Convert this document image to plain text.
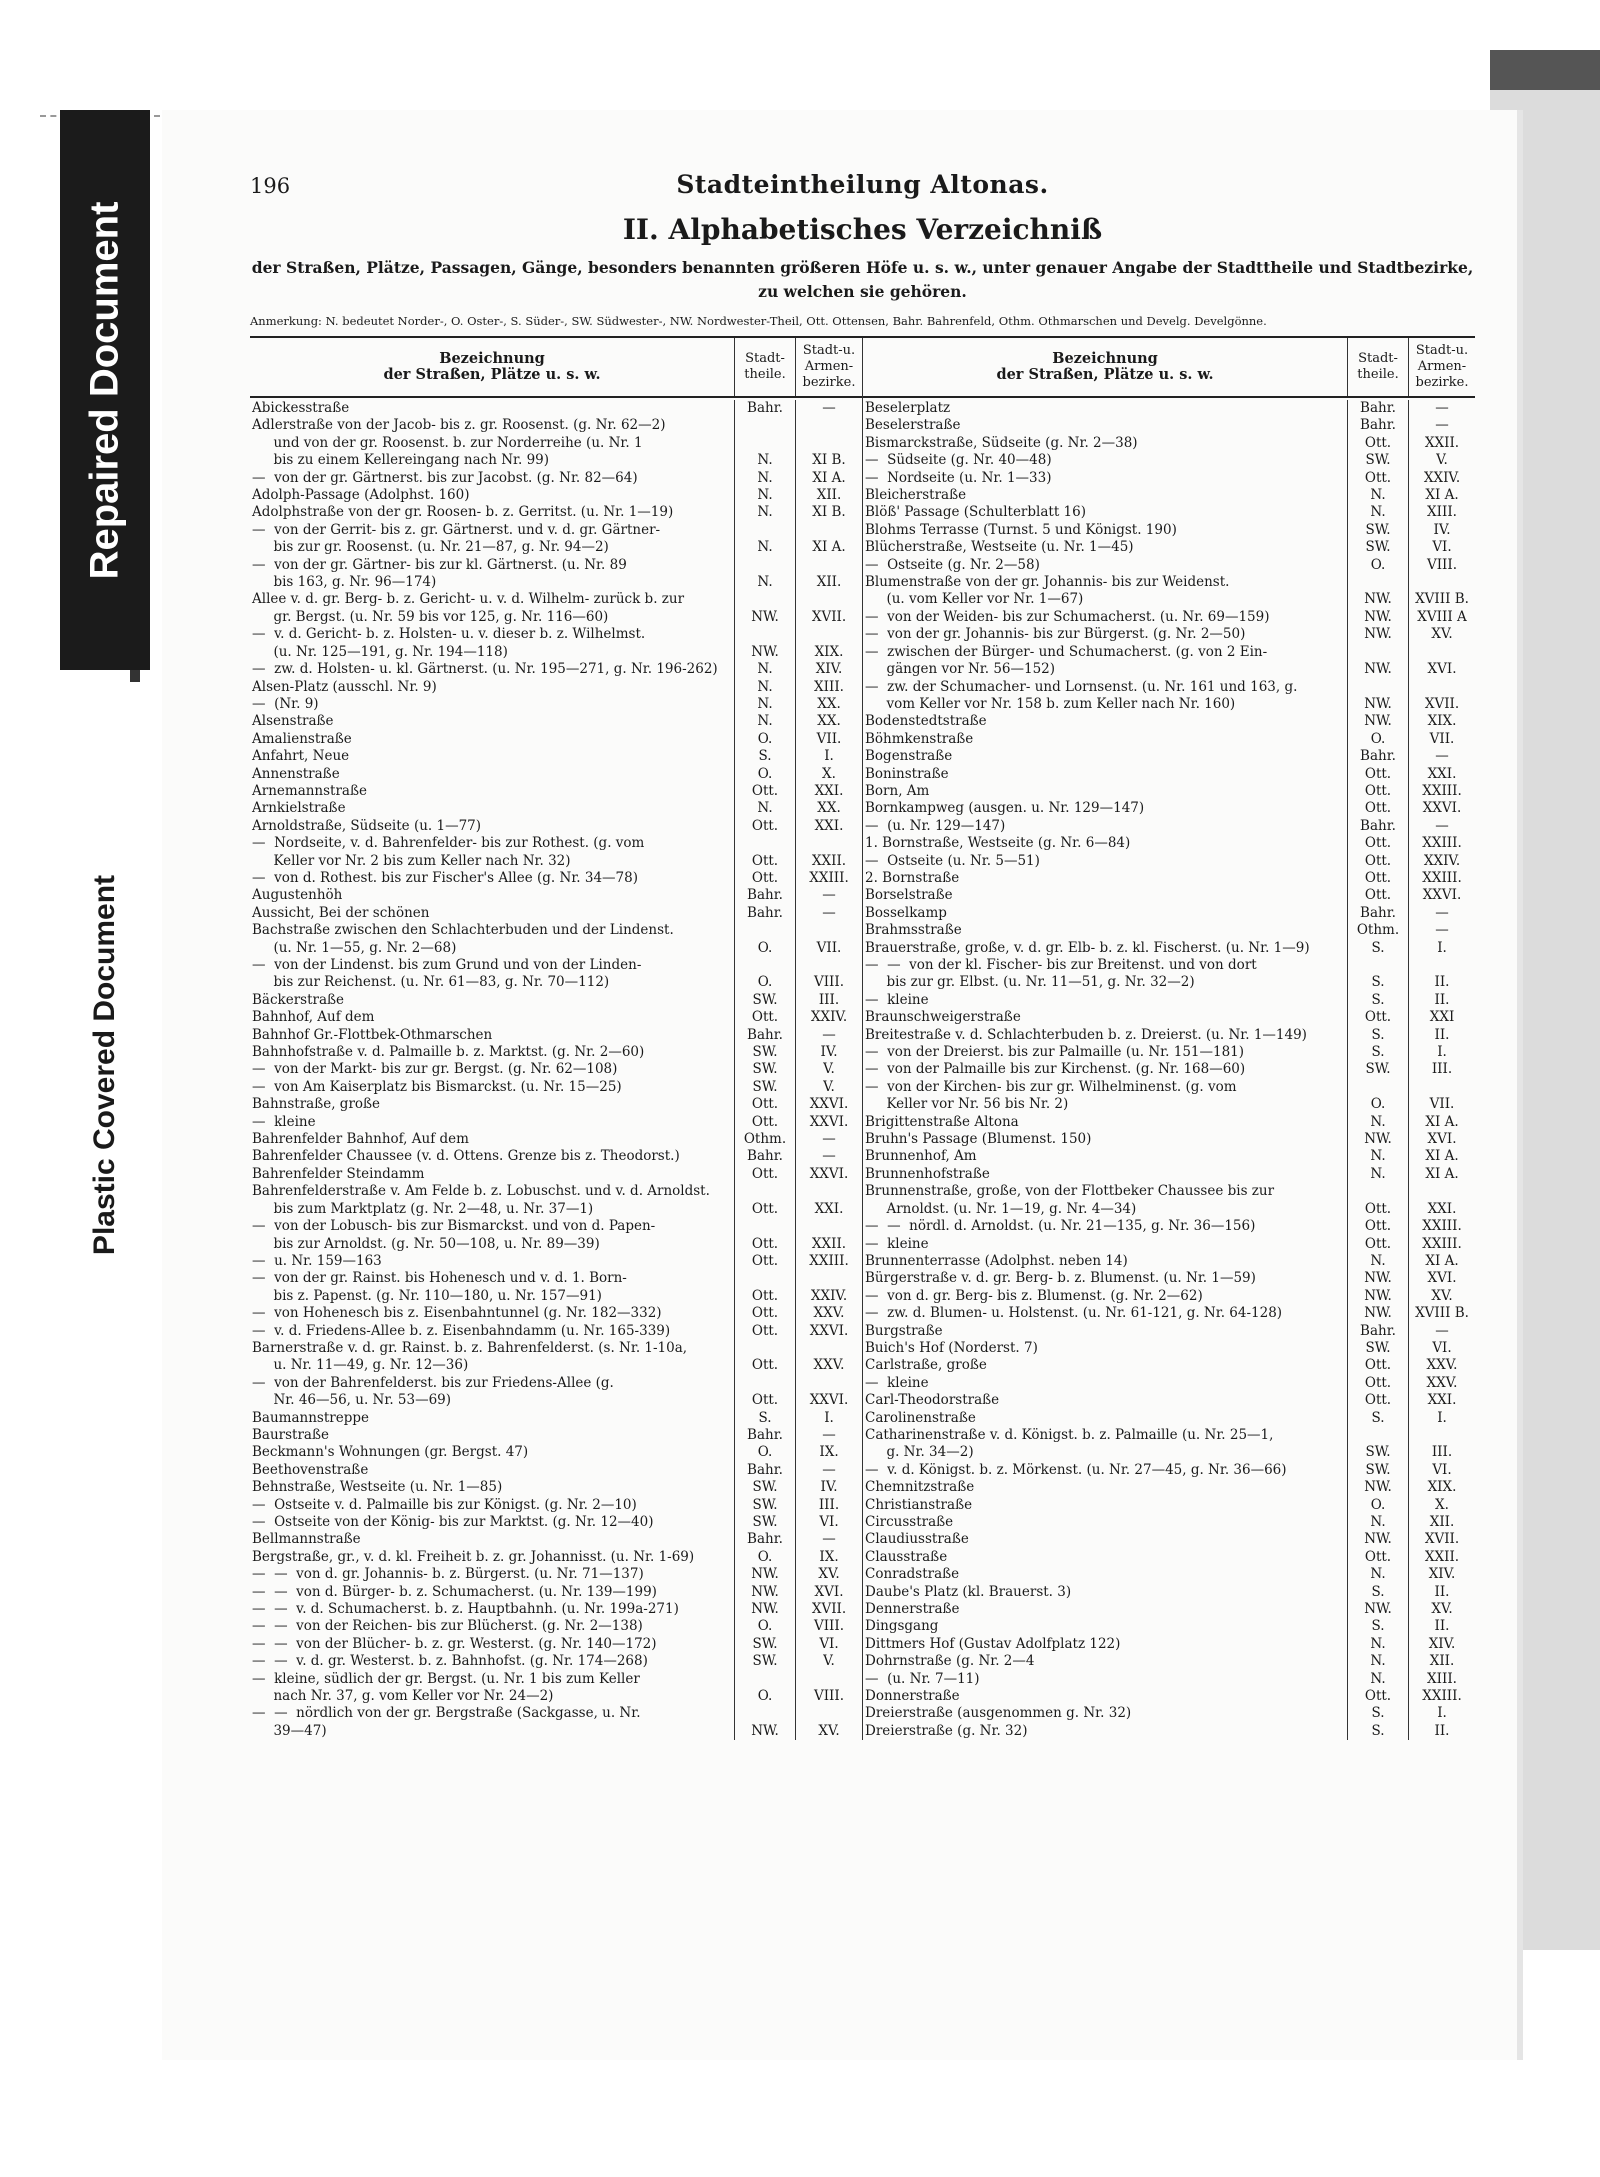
Repaired Document
Plastic Covered Document
196	Stadteintheilung Altonas.
II. Alphabetisches Verzeichniß
der Straßen, Plätze, Passagen, Gänge, besonders benannten größeren Höfe u. s. w., unter genauer Angabe der Stadttheile und Stadtbezirke,
zu welchen sie gehören.
Anmerkung: N. bedeutet Norder-, O. Oster-, S. Süder-, SW. Südwester-, NW. Nordwester-Theil, Ott. Ottensen, Bahr. Bahrenfeld, Othm. Othmarschen und Develg. Develgönne.
Bezeichnung
der Straßen, Plätze u. s. w.
Stadt-
theile.
Stadt-u.
Armen-
bezirke.
Abickesstraße	Bahr.	—
Adlerstraße von der Jacob- bis z. gr. Roosenst. (g. Nr. 62—2)
und von der gr. Roosenst. b. zur Norderreihe (u. Nr. 1
bis zu einem Kellereingang nach Nr. 99)	N.	XI B.
—  von der gr. Gärtnerst. bis zur Jacobst. (g. Nr. 82—64)	N.	XI A.
Adolph-Passage (Adolphst. 160)	N.	XII.
Adolphstraße von der gr. Roosen- b. z. Gerritst. (u. Nr. 1—19)	N.	XI B.
—  von der Gerrit- bis z. gr. Gärtnerst. und v. d. gr. Gärtner-
bis zur gr. Roosenst. (u. Nr. 21—87, g. Nr. 94—2)	N.	XI A.
—  von der gr. Gärtner- bis zur kl. Gärtnerst. (u. Nr. 89
bis 163, g. Nr. 96—174)	N.	XII.
Allee v. d. gr. Berg- b. z. Gericht- u. v. d. Wilhelm- zurück b. zur
gr. Bergst. (u. Nr. 59 bis vor 125, g. Nr. 116—60)	NW.	XVII.
—  v. d. Gericht- b. z. Holsten- u. v. dieser b. z. Wilhelmst.
(u. Nr. 125—191, g. Nr. 194—118)	NW.	XIX.
—  zw. d. Holsten- u. kl. Gärtnerst. (u. Nr. 195—271, g. Nr. 196-262)	N.	XIV.
Alsen-Platz (ausschl. Nr. 9)	N.	XIII.
—  (Nr. 9)	N.	XX.
Alsenstraße	N.	XX.
Amalienstraße	O.	VII.
Anfahrt, Neue	S.	I.
Annenstraße	O.	X.
Arnemannstraße	Ott.	XXI.
Arnkielstraße	N.	XX.
Arnoldstraße, Südseite (u. 1—77)	Ott.	XXI.
—  Nordseite, v. d. Bahrenfelder- bis zur Rothest. (g. vom
Keller vor Nr. 2 bis zum Keller nach Nr. 32)	Ott.	XXII.
—  von d. Rothest. bis zur Fischer's Allee (g. Nr. 34—78)	Ott.	XXIII.
Augustenhöh	Bahr.	—
Aussicht, Bei der schönen	Bahr.	—
Bachstraße zwischen den Schlachterbuden und der Lindenst.
(u. Nr. 1—55, g. Nr. 2—68)	O.	VII.
—  von der Lindenst. bis zum Grund und von der Linden-
bis zur Reichenst. (u. Nr. 61—83, g. Nr. 70—112)	O.	VIII.
Bäckerstraße	SW.	III.
Bahnhof, Auf dem	Ott.	XXIV.
Bahnhof Gr.-Flottbek-Othmarschen	Bahr.	—
Bahnhofstraße v. d. Palmaille b. z. Marktst. (g. Nr. 2—60)	SW.	IV.
—  von der Markt- bis zur gr. Bergst. (g. Nr. 62—108)	SW.	V.
—  von Am Kaiserplatz bis Bismarckst. (u. Nr. 15—25)	SW.	V.
Bahnstraße, große	Ott.	XXVI.
—  kleine	Ott.	XXVI.
Bahrenfelder Bahnhof, Auf dem	Othm.	—
Bahrenfelder Chaussee (v. d. Ottens. Grenze bis z. Theodorst.)	Bahr.	—
Bahrenfelder Steindamm	Ott.	XXVI.
Bahrenfelderstraße v. Am Felde b. z. Lobuschst. und v. d. Arnoldst.
bis zum Marktplatz (g. Nr. 2—48, u. Nr. 37—1)	Ott.	XXI.
—  von der Lobusch- bis zur Bismarckst. und von d. Papen-
bis zur Arnoldst. (g. Nr. 50—108, u. Nr. 89—39)	Ott.	XXII.
—  u. Nr. 159—163	Ott.	XXIII.
—  von der gr. Rainst. bis Hohenesch und v. d. 1. Born-
bis z. Papenst. (g. Nr. 110—180, u. Nr. 157—91)	Ott.	XXIV.
—  von Hohenesch bis z. Eisenbahntunnel (g. Nr. 182—332)	Ott.	XXV.
—  v. d. Friedens-Allee b. z. Eisenbahndamm (u. Nr. 165-339)	Ott.	XXVI.
Barnerstraße v. d. gr. Rainst. b. z. Bahrenfelderst. (s. Nr. 1-10a,
u. Nr. 11—49, g. Nr. 12—36)	Ott.	XXV.
—  von der Bahrenfelderst. bis zur Friedens-Allee (g.
Nr. 46—56, u. Nr. 53—69)	Ott.	XXVI.
Baumannstreppe	S.	I.
Baurstraße	Bahr.	—
Beckmann's Wohnungen (gr. Bergst. 47)	O.	IX.
Beethovenstraße	Bahr.	—
Behnstraße, Westseite (u. Nr. 1—85)	SW.	IV.
—  Ostseite v. d. Palmaille bis zur Königst. (g. Nr. 2—10)	SW.	III.
—  Ostseite von der König- bis zur Marktst. (g. Nr. 12—40)	SW.	VI.
Bellmannstraße	Bahr.	—
Bergstraße, gr., v. d. kl. Freiheit b. z. gr. Johannisst. (u. Nr. 1-69)	O.	IX.
—  —  von d. gr. Johannis- b. z. Bürgerst. (u. Nr. 71—137)	NW.	XV.
—  —  von d. Bürger- b. z. Schumacherst. (u. Nr. 139—199)	NW.	XVI.
—  —  v. d. Schumacherst. b. z. Hauptbahnh. (u. Nr. 199a-271)	NW.	XVII.
—  —  von der Reichen- bis zur Blücherst. (g. Nr. 2—138)	O.	VIII.
—  —  von der Blücher- b. z. gr. Westerst. (g. Nr. 140—172)	SW.	VI.
—  —  v. d. gr. Westerst. b. z. Bahnhofst. (g. Nr. 174—268)	SW.	V.
—  kleine, südlich der gr. Bergst. (u. Nr. 1 bis zum Keller
nach Nr. 37, g. vom Keller vor Nr. 24—2)	O.	VIII.
—  —  nördlich von der gr. Bergstraße (Sackgasse, u. Nr.
39—47)	NW.	XV.
Bezeichnung
der Straßen, Plätze u. s. w.
Stadt-
theile.
Stadt-u.
Armen-
bezirke.
Beselerplatz	Bahr.	—
Beselerstraße	Bahr.	—
Bismarckstraße, Südseite (g. Nr. 2—38)	Ott.	XXII.
—  Südseite (g. Nr. 40—48)	SW.	V.
—  Nordseite (u. Nr. 1—33)	Ott.	XXIV.
Bleicherstraße	N.	XI A.
Blöß' Passage (Schulterblatt 16)	N.	XIII.
Blohms Terrasse (Turnst. 5 und Königst. 190)	SW.	IV.
Blücherstraße, Westseite (u. Nr. 1—45)	SW.	VI.
—  Ostseite (g. Nr. 2—58)	O.	VIII.
Blumenstraße von der gr. Johannis- bis zur Weidenst.
(u. vom Keller vor Nr. 1—67)	NW.	XVIII B.
—  von der Weiden- bis zur Schumacherst. (u. Nr. 69—159)	NW.	XVIII A
—  von der gr. Johannis- bis zur Bürgerst. (g. Nr. 2—50)	NW.	XV.
—  zwischen der Bürger- und Schumacherst. (g. von 2 Ein-
gängen vor Nr. 56—152)	NW.	XVI.
—  zw. der Schumacher- und Lornsenst. (u. Nr. 161 und 163, g.
vom Keller vor Nr. 158 b. zum Keller nach Nr. 160)	NW.	XVII.
Bodenstedtstraße	NW.	XIX.
Böhmkenstraße	O.	VII.
Bogenstraße	Bahr.	—
Boninstraße	Ott.	XXI.
Born, Am	Ott.	XXIII.
Bornkampweg (ausgen. u. Nr. 129—147)	Ott.	XXVI.
—  (u. Nr. 129—147)	Bahr.	—
1. Bornstraße, Westseite (g. Nr. 6—84)	Ott.	XXIII.
—  Ostseite (u. Nr. 5—51)	Ott.	XXIV.
2. Bornstraße	Ott.	XXIII.
Borselstraße	Ott.	XXVI.
Bosselkamp	Bahr.	—
Brahmsstraße	Othm.	—
Brauerstraße, große, v. d. gr. Elb- b. z. kl. Fischerst. (u. Nr. 1—9)	S.	I.
—  —  von der kl. Fischer- bis zur Breitenst. und von dort
bis zur gr. Elbst. (u. Nr. 11—51, g. Nr. 32—2)	S.	II.
—  kleine	S.	II.
Braunschweigerstraße	Ott.	XXI
Breitestraße v. d. Schlachterbuden b. z. Dreierst. (u. Nr. 1—149)	S.	II.
—  von der Dreierst. bis zur Palmaille (u. Nr. 151—181)	S.	I.
—  von der Palmaille bis zur Kirchenst. (g. Nr. 168—60)	SW.	III.
—  von der Kirchen- bis zur gr. Wilhelminenst. (g. vom
Keller vor Nr. 56 bis Nr. 2)	O.	VII.
Brigittenstraße Altona	N.	XI A.
Bruhn's Passage (Blumenst. 150)	NW.	XVI.
Brunnenhof, Am	N.	XI A.
Brunnenhofstraße	N.	XI A.
Brunnenstraße, große, von der Flottbeker Chaussee bis zur
Arnoldst. (u. Nr. 1—19, g. Nr. 4—34)	Ott.	XXI.
—  —  nördl. d. Arnoldst. (u. Nr. 21—135, g. Nr. 36—156)	Ott.	XXIII.
—  kleine	Ott.	XXIII.
Brunnenterrasse (Adolphst. neben 14)	N.	XI A.
Bürgerstraße v. d. gr. Berg- b. z. Blumenst. (u. Nr. 1—59)	NW.	XVI.
—  von d. gr. Berg- bis z. Blumenst. (g. Nr. 2—62)	NW.	XV.
—  zw. d. Blumen- u. Holstenst. (u. Nr. 61-121, g. Nr. 64-128)	NW.	XVIII B.
Burgstraße	Bahr.	—
Buich's Hof (Norderst. 7)	SW.	VI.
Carlstraße, große	Ott.	XXV.
—  kleine	Ott.	XXV.
Carl-Theodorstraße	Ott.	XXI.
Carolinenstraße	S.	I.
Catharinenstraße v. d. Königst. b. z. Palmaille (u. Nr. 25—1,
g. Nr. 34—2)	SW.	III.
—  v. d. Königst. b. z. Mörkenst. (u. Nr. 27—45, g. Nr. 36—66)	SW.	VI.
Chemnitzstraße	NW.	XIX.
Christianstraße	O.	X.
Circusstraße	N.	XII.
Claudiusstraße	NW.	XVII.
Clausstraße	Ott.	XXII.
Conradstraße	N.	XIV.
Daube's Platz (kl. Brauerst. 3)	S.	II.
Dennerstraße	NW.	XV.
Dingsgang	S.	II.
Dittmers Hof (Gustav Adolfplatz 122)	N.	XIV.
Dohrnstraße (g. Nr. 2—4	N.	XII.
—  (u. Nr. 7—11)	N.	XIII.
Donnerstraße	Ott.	XXIII.
Dreierstraße (ausgenommen g. Nr. 32)	S.	I.
Dreierstraße (g. Nr. 32)	S.	II.
